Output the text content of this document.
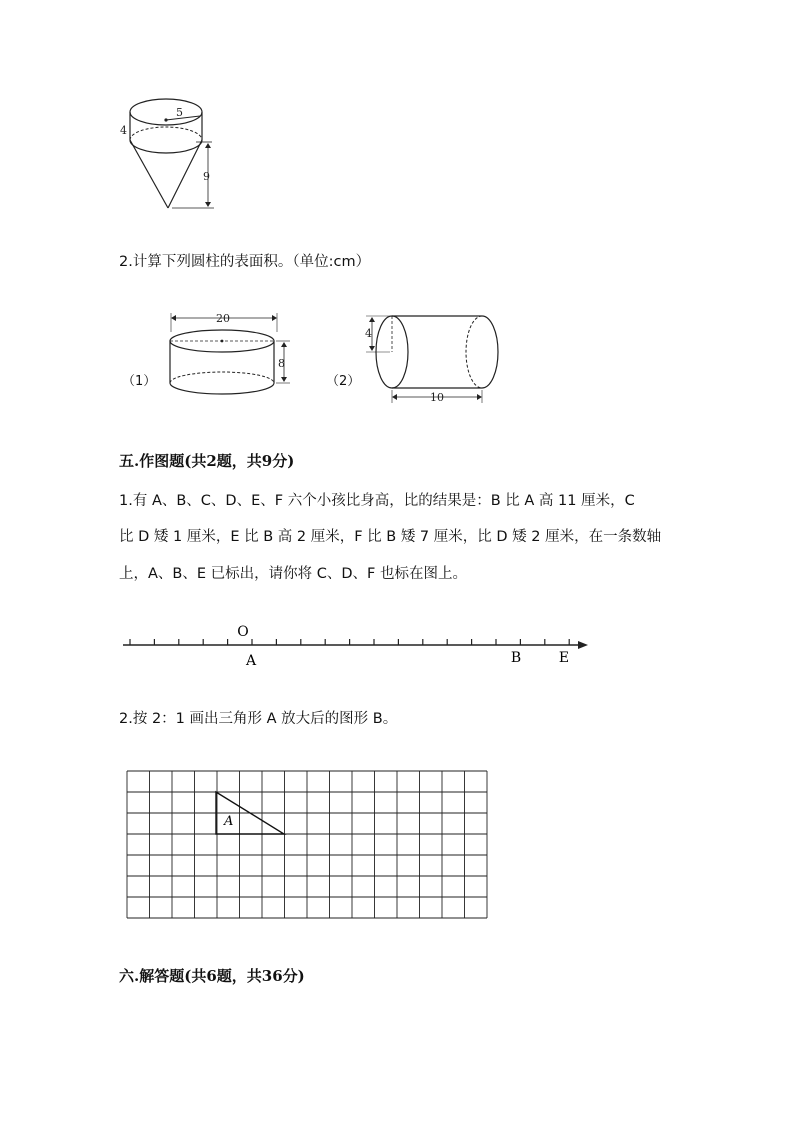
5
4
9
2.计算下列圆柱的表面积。（单位:cm）
（1）
20
8
（2）
4
10
五.作图题(共2题，共9分)
1.有 A、B、C、D、E、F 六个小孩比身高，比的结果是：B 比 A 高 11 厘米，C
比 D 矮 1 厘米，E 比 B 高 2 厘米，F 比 B 矮 7 厘米，比 D 矮 2 厘米，在一条数轴
上，A、B、E 已标出，请你将 C、D、F 也标在图上。
O
A	B	E
2.按 2：1 画出三角形 A 放大后的图形 B。
A
六.解答题(共6题，共36分)
